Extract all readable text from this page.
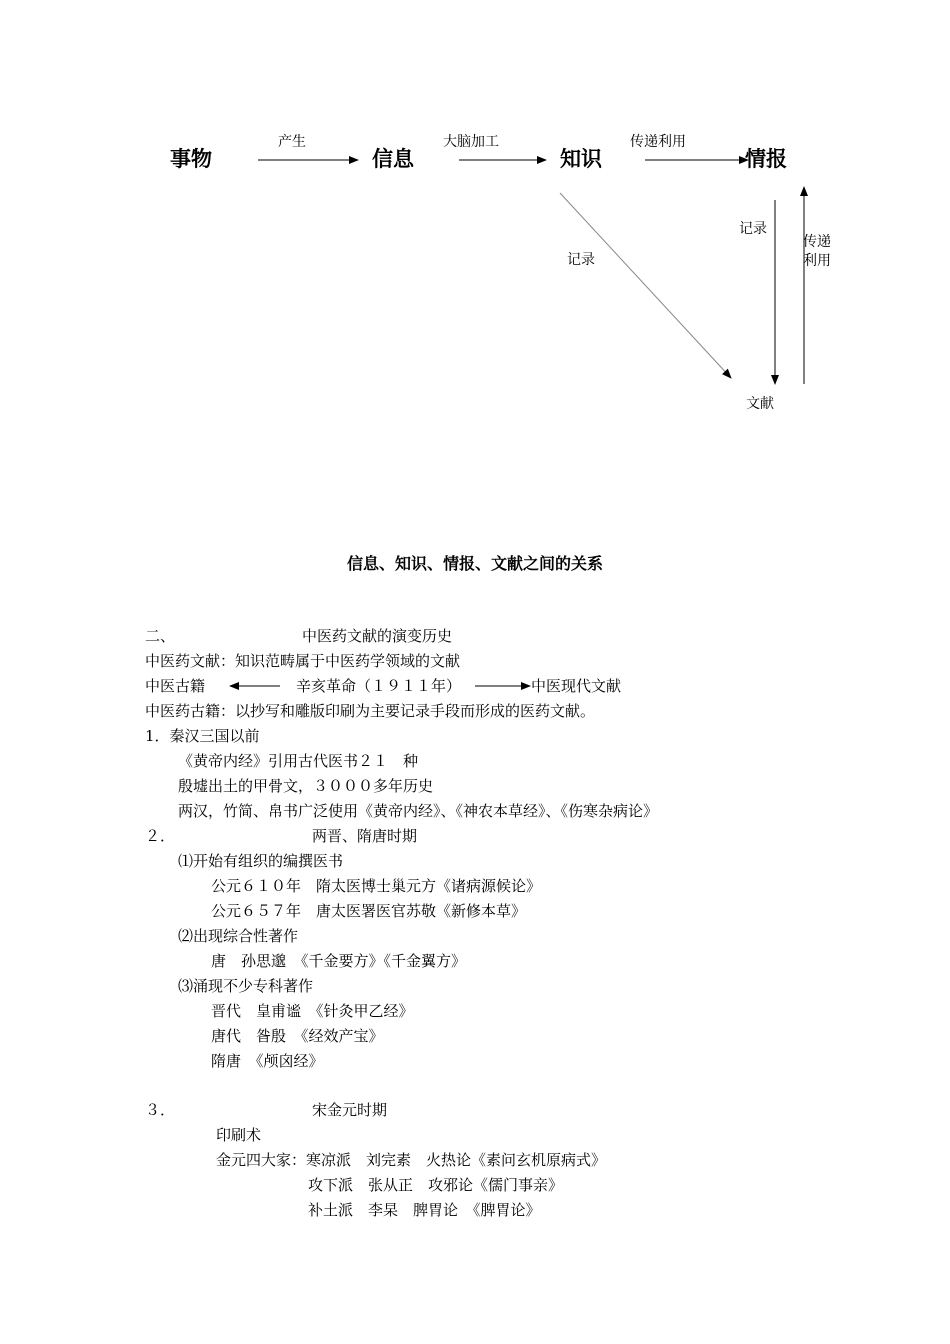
事物	信息	知识	情报
文献
产生	大脑加工	传递利用
记录
记录
传递
利用
信息、知识、情报、文献之间的关系
二、	中医药文献的演变历史
中医药文献：知识范畴属于中医药学领域的文献
中医古籍	辛亥革命（１９１１年）	中医现代文献
中医药古籍：以抄写和雕版印刷为主要记录手段而形成的医药文献。
1．秦汉三国以前
《黄帝内经》引用古代医书２１　种
殷墟出土的甲骨文，３０００多年历史
两汉，竹简、帛书广泛使用《黄帝内经》、《神农本草经》、《伤寒杂病论》
２．	两晋、隋唐时期
⑴开始有组织的编撰医书
公元６１０年　隋太医博士巢元方《诸病源候论》
公元６５７年　唐太医署医官苏敬《新修本草》
⑵出现综合性著作
唐　孙思邈　《千金要方》《千金翼方》
⑶涌现不少专科著作
晋代　皇甫谧　《针灸甲乙经》
唐代　昝殷　《经效产宝》
隋唐　《颅囟经》
３．	宋金元时期
印刷术
金元四大家：寒凉派　刘完素　火热论《素问玄机原病式》
攻下派　张从正　攻邪论《儒门事亲》
补土派　李杲　脾胃论　《脾胃论》
